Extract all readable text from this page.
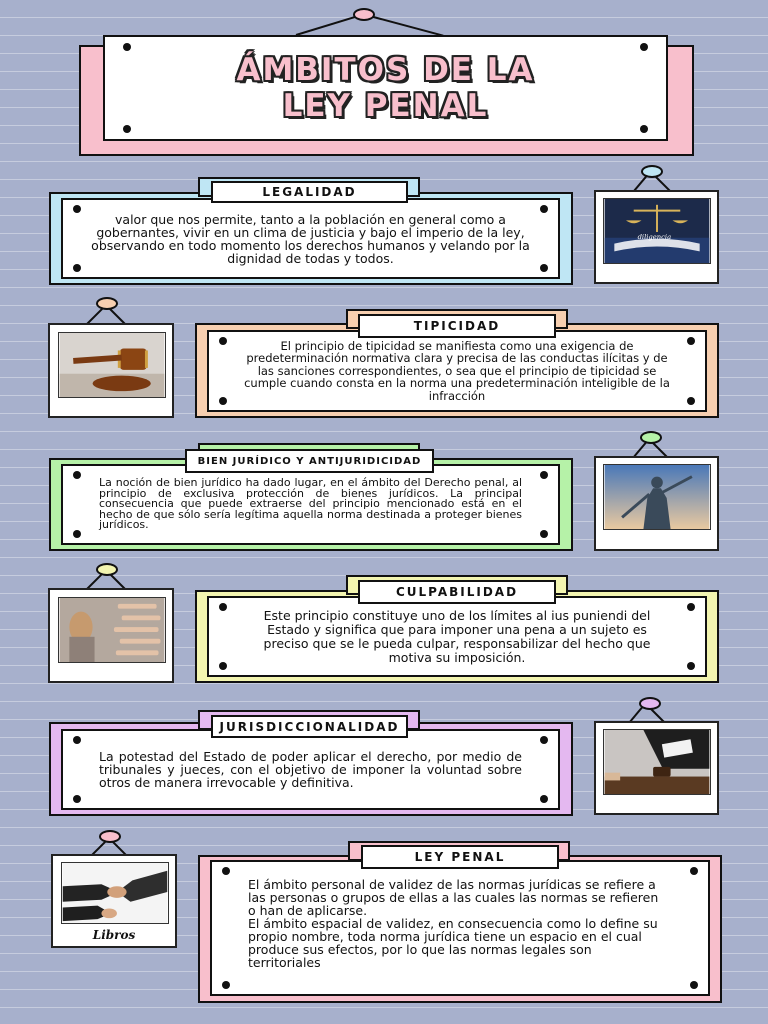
ÁMBITOS DE LA
LEY PENAL
valor que nos permite, tanto a la población en general como a gobernantes, vivir en un clima de justicia y bajo el imperio de la ley, observando en todo momento los derechos humanos y velando por la dignidad de todas y todos.
LEGALIDAD
diligencia
El principio de tipicidad se manifiesta como una exigencia de predeterminación normativa clara y precisa de las conductas ilícitas y de las sanciones correspondientes, o sea que el principio de tipicidad se cumple cuando consta en la norma una predeterminación inteligible de la infracción
TIPICIDAD
La noción de bien jurídico ha dado lugar, en el ámbito del Derecho penal, al principio de exclusiva protección de bienes jurídicos. La principal consecuencia que puede extraerse del principio mencionado está en el hecho de que sólo sería legítima aquella norma destinada a proteger bienes jurídicos.
BIEN JURÍDICO Y ANTIJURIDICIDAD
Este principio constituye uno de los límites al ius puniendi del Estado y significa que para imponer una pena a un sujeto es preciso que se le pueda culpar, responsabilizar del hecho que motiva su imposición.
CULPABILIDAD
La potestad del Estado de poder aplicar el derecho, por medio de tribunales y jueces, con el objetivo de imponer la voluntad sobre otros de manera irrevocable y definitiva.
JURISDICCIONALIDAD
Libros
El ámbito personal de validez de las normas jurídicas se refiere a las personas o grupos de ellas a las cuales las normas se refieren o han de aplicarse.
El ámbito espacial de validez, en consecuencia como lo define su propio nombre, toda norma jurídica tiene un espacio en el cual produce sus efectos, por lo que las normas legales son territoriales
LEY PENAL
